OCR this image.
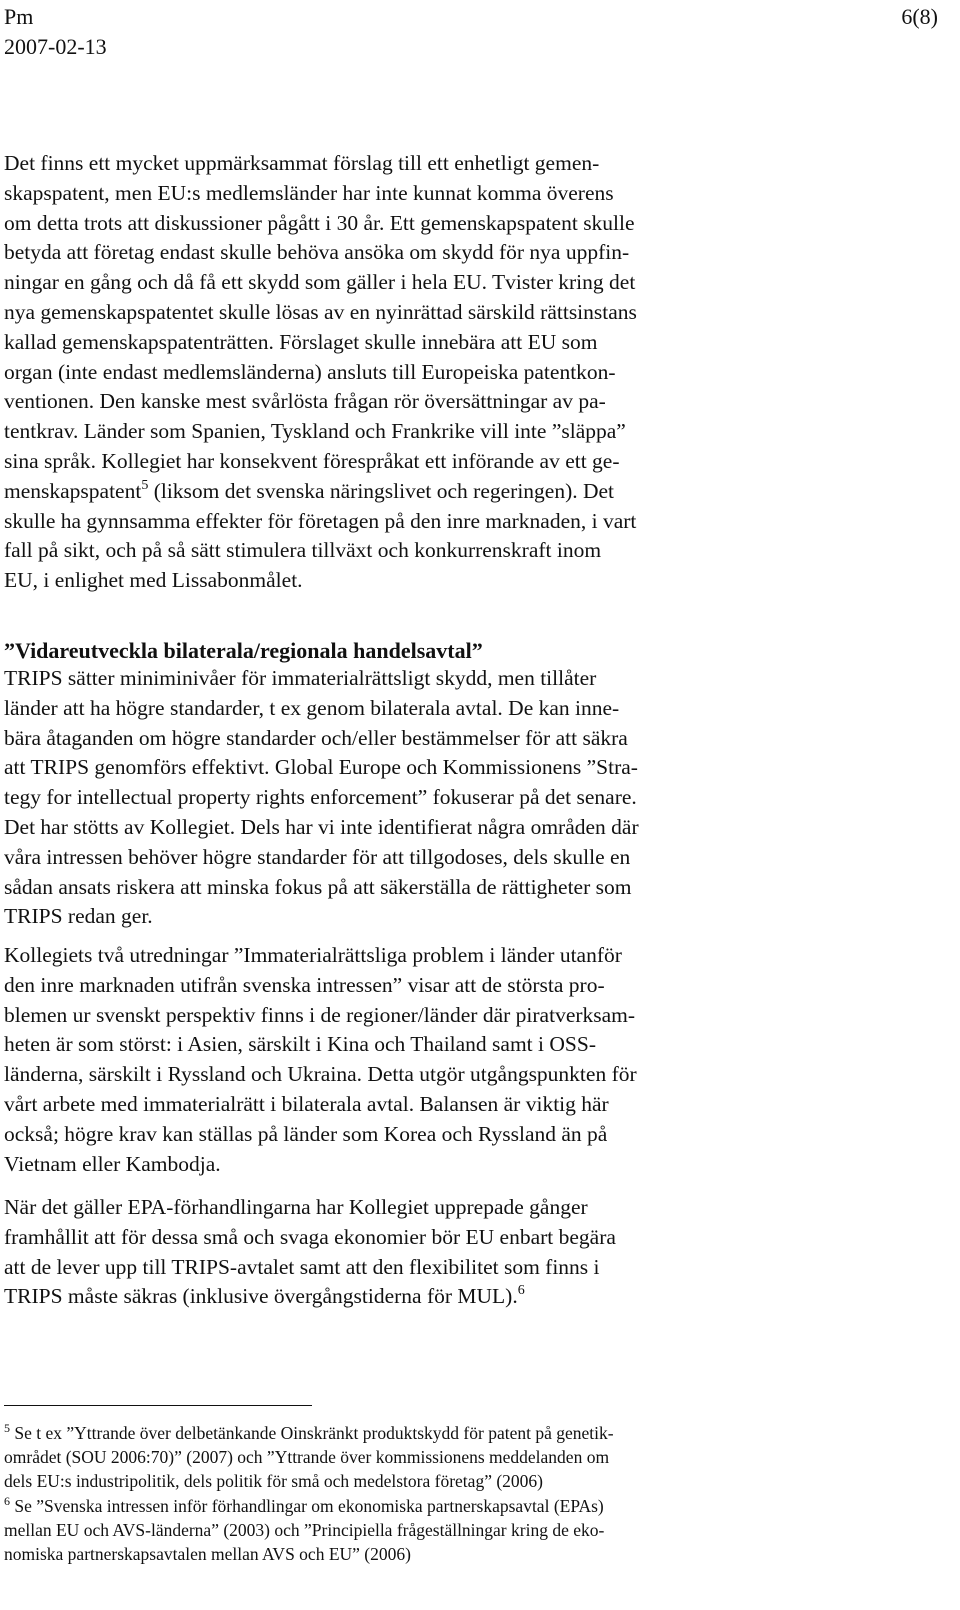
Pm
2007-02-13
6(8)
Det finns ett mycket uppmärksammat förslag till ett enhetligt gemen-
skapspatent, men EU:s medlemsländer har inte kunnat komma överens
om detta trots att diskussioner pågått i 30 år. Ett gemenskapspatent skulle
betyda att företag endast skulle behöva ansöka om skydd för nya uppfin-
ningar en gång och då få ett skydd som gäller i hela EU. Tvister kring det
nya gemenskapspatentet skulle lösas av en nyinrättad särskild rättsinstans
kallad gemenskapspatenträtten. Förslaget skulle innebära att EU som
organ (inte endast medlemsländerna) ansluts till Europeiska patentkon-
ventionen. Den kanske mest svårlösta frågan rör översättningar av pa-
tentkrav. Länder som Spanien, Tyskland och Frankrike vill inte ”släppa”
sina språk. Kollegiet har konsekvent förespråkat ett införande av ett ge-
menskapspatent$^5$ (liksom det svenska näringslivet och regeringen). Det
skulle ha gynnsamma effekter för företagen på den inre marknaden, i vart
fall på sikt, och på så sätt stimulera tillväxt och konkurrenskraft inom
EU, i enlighet med Lissabonmålet.
”Vidareutveckla bilaterala/regionala handelsavtal”
TRIPS sätter miniminivåer för immaterialrättsligt skydd, men tillåter
länder att ha högre standarder, t ex genom bilaterala avtal. De kan inne-
bära åtaganden om högre standarder och/eller bestämmelser för att säkra
att TRIPS genomförs effektivt. Global Europe och Kommissionens ”Stra-
tegy for intellectual property rights enforcement” fokuserar på det senare.
Det har stötts av Kollegiet. Dels har vi inte identifierat några områden där
våra intressen behöver högre standarder för att tillgodoses, dels skulle en
sådan ansats riskera att minska fokus på att säkerställa de rättigheter som
TRIPS redan ger.
Kollegiets två utredningar ”Immaterialrättsliga problem i länder utanför
den inre marknaden utifrån svenska intressen” visar att de största pro-
blemen ur svenskt perspektiv finns i de regioner/länder där piratverksam-
heten är som störst: i Asien, särskilt i Kina och Thailand samt i OSS-
länderna, särskilt i Ryssland och Ukraina. Detta utgör utgångspunkten för
vårt arbete med immaterialrätt i bilaterala avtal. Balansen är viktig här
också; högre krav kan ställas på länder som Korea och Ryssland än på
Vietnam eller Kambodja.
När det gäller EPA-förhandlingarna har Kollegiet upprepade gånger
framhållit att för dessa små och svaga ekonomier bör EU enbart begära
att de lever upp till TRIPS-avtalet samt att den flexibilitet som finns i
TRIPS måste säkras (inklusive övergångstiderna för MUL).$^6$
$^5$ Se t ex ”Yttrande över delbetänkande Oinskränkt produktskydd för patent på genetik-
området (SOU 2006:70)” (2007) och ”Yttrande över kommissionens meddelanden om
dels EU:s industripolitik, dels politik för små och medelstora företag” (2006)
$^6$ Se ”Svenska intressen inför förhandlingar om ekonomiska partnerskapsavtal (EPAs)
mellan EU och AVS-länderna” (2003) och ”Principiella frågeställningar kring de eko-
nomiska partnerskapsavtalen mellan AVS och EU” (2006)
